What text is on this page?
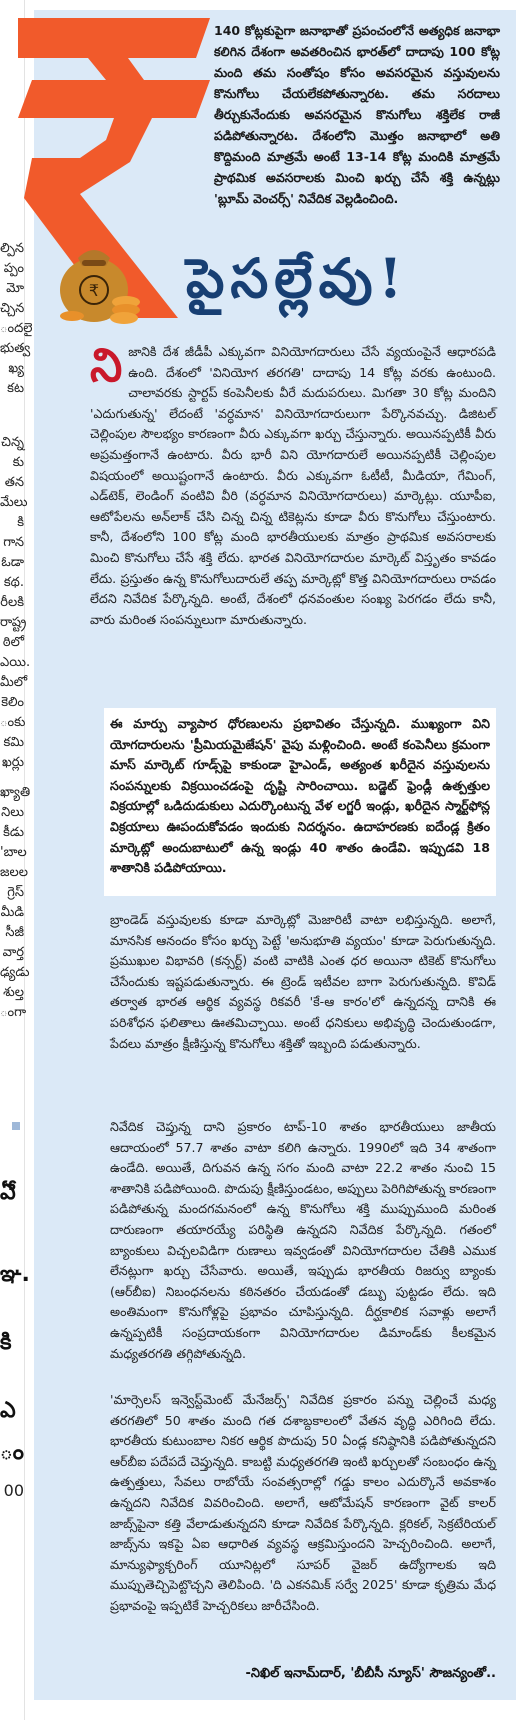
ల్పిన
ప్పం
మో
చ్చిన
ందలై
భుత్వ
ఖ్య
కట
చిన్న
కు
తన
మేలు
కి
గాన
ఓడా
కథ.
రీలకి
రాష్ట్ర
ఠిలో
ఎయి.
మీలో
కెలిం
ంకు
కమి
ఖర్లు
ఖ్యాతి
నిలు
కీడు
'బాల
జలల
గ్రెస్
మీడి
సీజీ
వార్త
ఢ్యడు
శుల్త
ంగా
ఏే
ఞ.
కి
ఎ
ం
00
₹
140 కోట్లకుపైగా జనాభాతో ప్రపంచంలోనే అత్యధిక జనాభా కలిగిన దేశంగా అవతరించిన భారత్‌లో దాదాపు 100 కోట్ల మంది తమ సంతోషం కోసం అవసరమైన వస్తువులను కొనుగోలు చేయలేకపోతున్నారట. తమ సరదాలు తీర్చుకునేందుకు అవసరమైన కొనుగోలు శక్తిలేక రాజీ పడిపోతున్నారట. దేశంలోని మొత్తం జనాభాలో అతి కొద్దిమంది మాత్రమే అంటే 13-14 కోట్ల మందికి మాత్రమే ప్రాథమిక అవసరాలకు మించి ఖర్చు చేసే శక్తి ఉన్నట్లు 'బ్లూమ్ వెంచర్స్' నివేదిక వెల్లడించింది.
పైసల్లేవు!
ని జానికి దేశ జీడీపీ ఎక్కువగా వినియోగదారులు చేసే వ్యయంపైనే ఆధారపడి ఉంది. దేశంలో 'వినియోగ తరగతి' దాదాపు 14 కోట్ల వరకు ఉంటుంది. చాలావరకు స్టార్టప్ కంపెనీలకు వీరే మదుపరులు. మిగతా 30 కోట్ల మందిని 'ఎదుగుతున్న' లేదంటే 'వర్ధమాన' వినియోగదారులుగా పేర్కొనవచ్చు. డిజిటల్ చెల్లింపుల సౌలభ్యం కారణంగా వీరు ఎక్కువగా ఖర్చు చేస్తున్నారు. అయినప్పటికీ వీరు అప్రమత్తంగానే ఉంటారు. వీరు భారీ విని యోగదారులే అయినప్పటికీ చెల్లింపుల విషయంలో అయిష్టంగానే ఉంటారు. వీరు ఎక్కువగా ఓటీటీ, మీడియా, గేమింగ్, ఎడ్‌టెక్, లెండింగ్ వంటివి వీరి (వర్ధమాన వినియోగదారులు) మార్కెట్లు. యూపీఐ, ఆటోపేలను అన్‌లాక్ చేసి చిన్న చిన్న టికెట్లను కూడా వీరు కొనుగోలు చేస్తుంటారు. కానీ, దేశంలోని 100 కోట్ల మంది భారతీయులకు మాత్రం ప్రాథమిక అవసరాలకు మించి కొనుగోలు చేసే శక్తి లేదు. భారత వినియోగదారుల మార్కెట్ విస్తృతం కావడం లేదు. ప్రస్తుతం ఉన్న కొనుగోలుదారులే తప్ప మార్కెట్లో కొత్త వినియోగదారులు రావడం లేదని నివేదిక పేర్కొన్నది. అంటే, దేశంలో ధనవంతుల సంఖ్య పెరగడం లేదు కానీ, వారు మరింత సంపన్నులుగా మారుతున్నారు.
ఈ మార్పు వ్యాపార ధోరణులను ప్రభావితం చేస్తున్నది. ముఖ్యంగా విని యోగదారులను 'ప్రీమియమైజేషన్' వైపు మళ్లించింది. అంటే కంపెనీలు క్రమంగా మాస్ మార్కెట్ గూడ్స్‌పై కాకుండా హైఎండ్, అత్యంత ఖరీదైన వస్తువులను సంపన్నులకు విక్రయించడంపై దృష్టి సారించాయి. బడ్జెట్ ఫ్రెండ్లీ ఉత్పత్తుల విక్రయాల్లో ఒడిదుడుకులు ఎదుర్కొంటున్న వేళ లగ్జరీ ఇండ్లు, ఖరీదైన స్మార్ట్‌ఫోన్ల విక్రయాలు ఊపందుకోవడం ఇందుకు నిదర్శనం. ఉదాహరణకు ఐదేండ్ల క్రితం మార్కెట్లో అందుబాటులో ఉన్న ఇండ్లు 40 శాతం ఉండేవి. ఇప్పుడవి 18 శాతానికి పడిపోయాయి.
బ్రాండెడ్ వస్తువులకు కూడా మార్కెట్లో మెజారిటీ వాటా లభిస్తున్నది. అలాగే, మానసిక ఆనందం కోసం ఖర్చు పెట్టే 'అనుభూతి వ్యయం' కూడా పెరుగుతున్నది. ప్రముఖుల విభావరి (కన్సర్ట్) వంటి వాటికి ఎంత ధర అయినా టికెట్ కొనుగోలు చేసేందుకు ఇష్టపడుతున్నారు. ఈ ట్రెండ్ ఇటీవల బాగా పెరుగుతున్నది. కొవిడ్ తర్వాత భారత ఆర్థిక వ్యవస్థ రికవరీ 'కే-ఆ కారం'లో ఉన్నదన్న దానికి ఈ పరిశోధన ఫలితాలు ఊతమిచ్చాయి. అంటే ధనికులు అభివృద్ధి చెందుతుండగా, పేదలు మాత్రం క్షీణిస్తున్న కొనుగోలు శక్తితో ఇబ్బంది పడుతున్నారు.
నివేదిక చెప్తున్న దాని ప్రకారం టాప్-10 శాతం భారతీయులు జాతీయ ఆదాయంలో 57.7 శాతం వాటా కలిగి ఉన్నారు. 1990లో ఇది 34 శాతంగా ఉండేది. అయితే, దిగువన ఉన్న సగం మంది వాటా 22.2 శాతం నుంచి 15 శాతానికి పడిపోయింది. పొదుపు క్షీణిస్తుండటం, అప్పులు పెరిగిపోతున్న కారణంగా పడిపోతున్న మందగమనంలో ఉన్న కొనుగోలు శక్తి ముప్పుముంది మరింత దారుణంగా తయారయ్యే పరిస్థితి ఉన్నదని నివేదిక పేర్కొన్నది. గతంలో బ్యాంకులు విచ్చలవిడిగా రుణాలు ఇవ్వడంతో వినియోగదారుల చేతికి ఎముక లేనట్లుగా ఖర్చు చేసేవారు. అయితే, ఇప్పుడు భారతీయ రిజర్వు బ్యాంకు (ఆర్‌బీఐ) నిబంధనలను కఠినతరం చేయడంతో డబ్బు పుట్టడం లేదు. ఇది అంతిమంగా కొనుగోళ్లపై ప్రభావం చూపిస్తున్నది. దీర్ఘకాలిక సవాళ్లు అలాగే ఉన్నప్పటికీ సంప్రదాయకంగా వినియోగదారుల డిమాండ్‌కు కీలకమైన మధ్యతరగతి తగ్గిపోతున్నది.
'మార్సెలస్ ఇన్వెస్ట్‌మెంట్ మేనేజర్స్' నివేదిక ప్రకారం పన్ను చెల్లించే మధ్య తరగతిలో 50 శాతం మంది గత దశాబ్దకాలంలో వేతన వృద్ధి ఎరిగింది లేదు. భారతీయ కుటుంబాల నికర ఆర్థిక పొదుపు 50 ఏండ్ల కనిష్ఠానికి పడిపోతున్నదని ఆర్‌బీఐ పదేపదే చెప్తున్నది. కాబట్టి మధ్యతరగతి ఇంటి ఖర్చులతో సంబంధం ఉన్న ఉత్పత్తులు, సేవలు రాబోయే సంవత్సరాల్లో గడ్డు కాలం ఎదుర్కొనే అవకాశం ఉన్నదని నివేదిక వివరించింది. అలాగే, ఆటోమేషన్ కారణంగా వైట్ కాలర్ జాబ్స్‌పైనా కత్తి వేలాడుతున్నదని కూడా నివేదిక పేర్కొన్నది. క్లరికల్, సెక్రటేరియల్ జాబ్స్‌ను ఇకపై ఏఐ ఆధారిత వ్యవస్థ ఆక్రమిస్తుందని హెచ్చరించింది. అలాగే, మాన్యుఫ్యాక్చరింగ్ యూనిట్లలో సూపర్ వైజర్ ఉద్యోగాలకు ఇది ముప్పుతెచ్చిపెట్టొచ్చని తెలిపింది. 'ది ఎకనమిక్ సర్వే 2025' కూడా కృత్రిమ మేధ ప్రభావంపై ఇప్పటికే హెచ్చరికలు జారీచేసింది.
-నిఖిల్ ఇనామ్‌దార్, 'బీబీసీ న్యూస్' సౌజన్యంతో..
